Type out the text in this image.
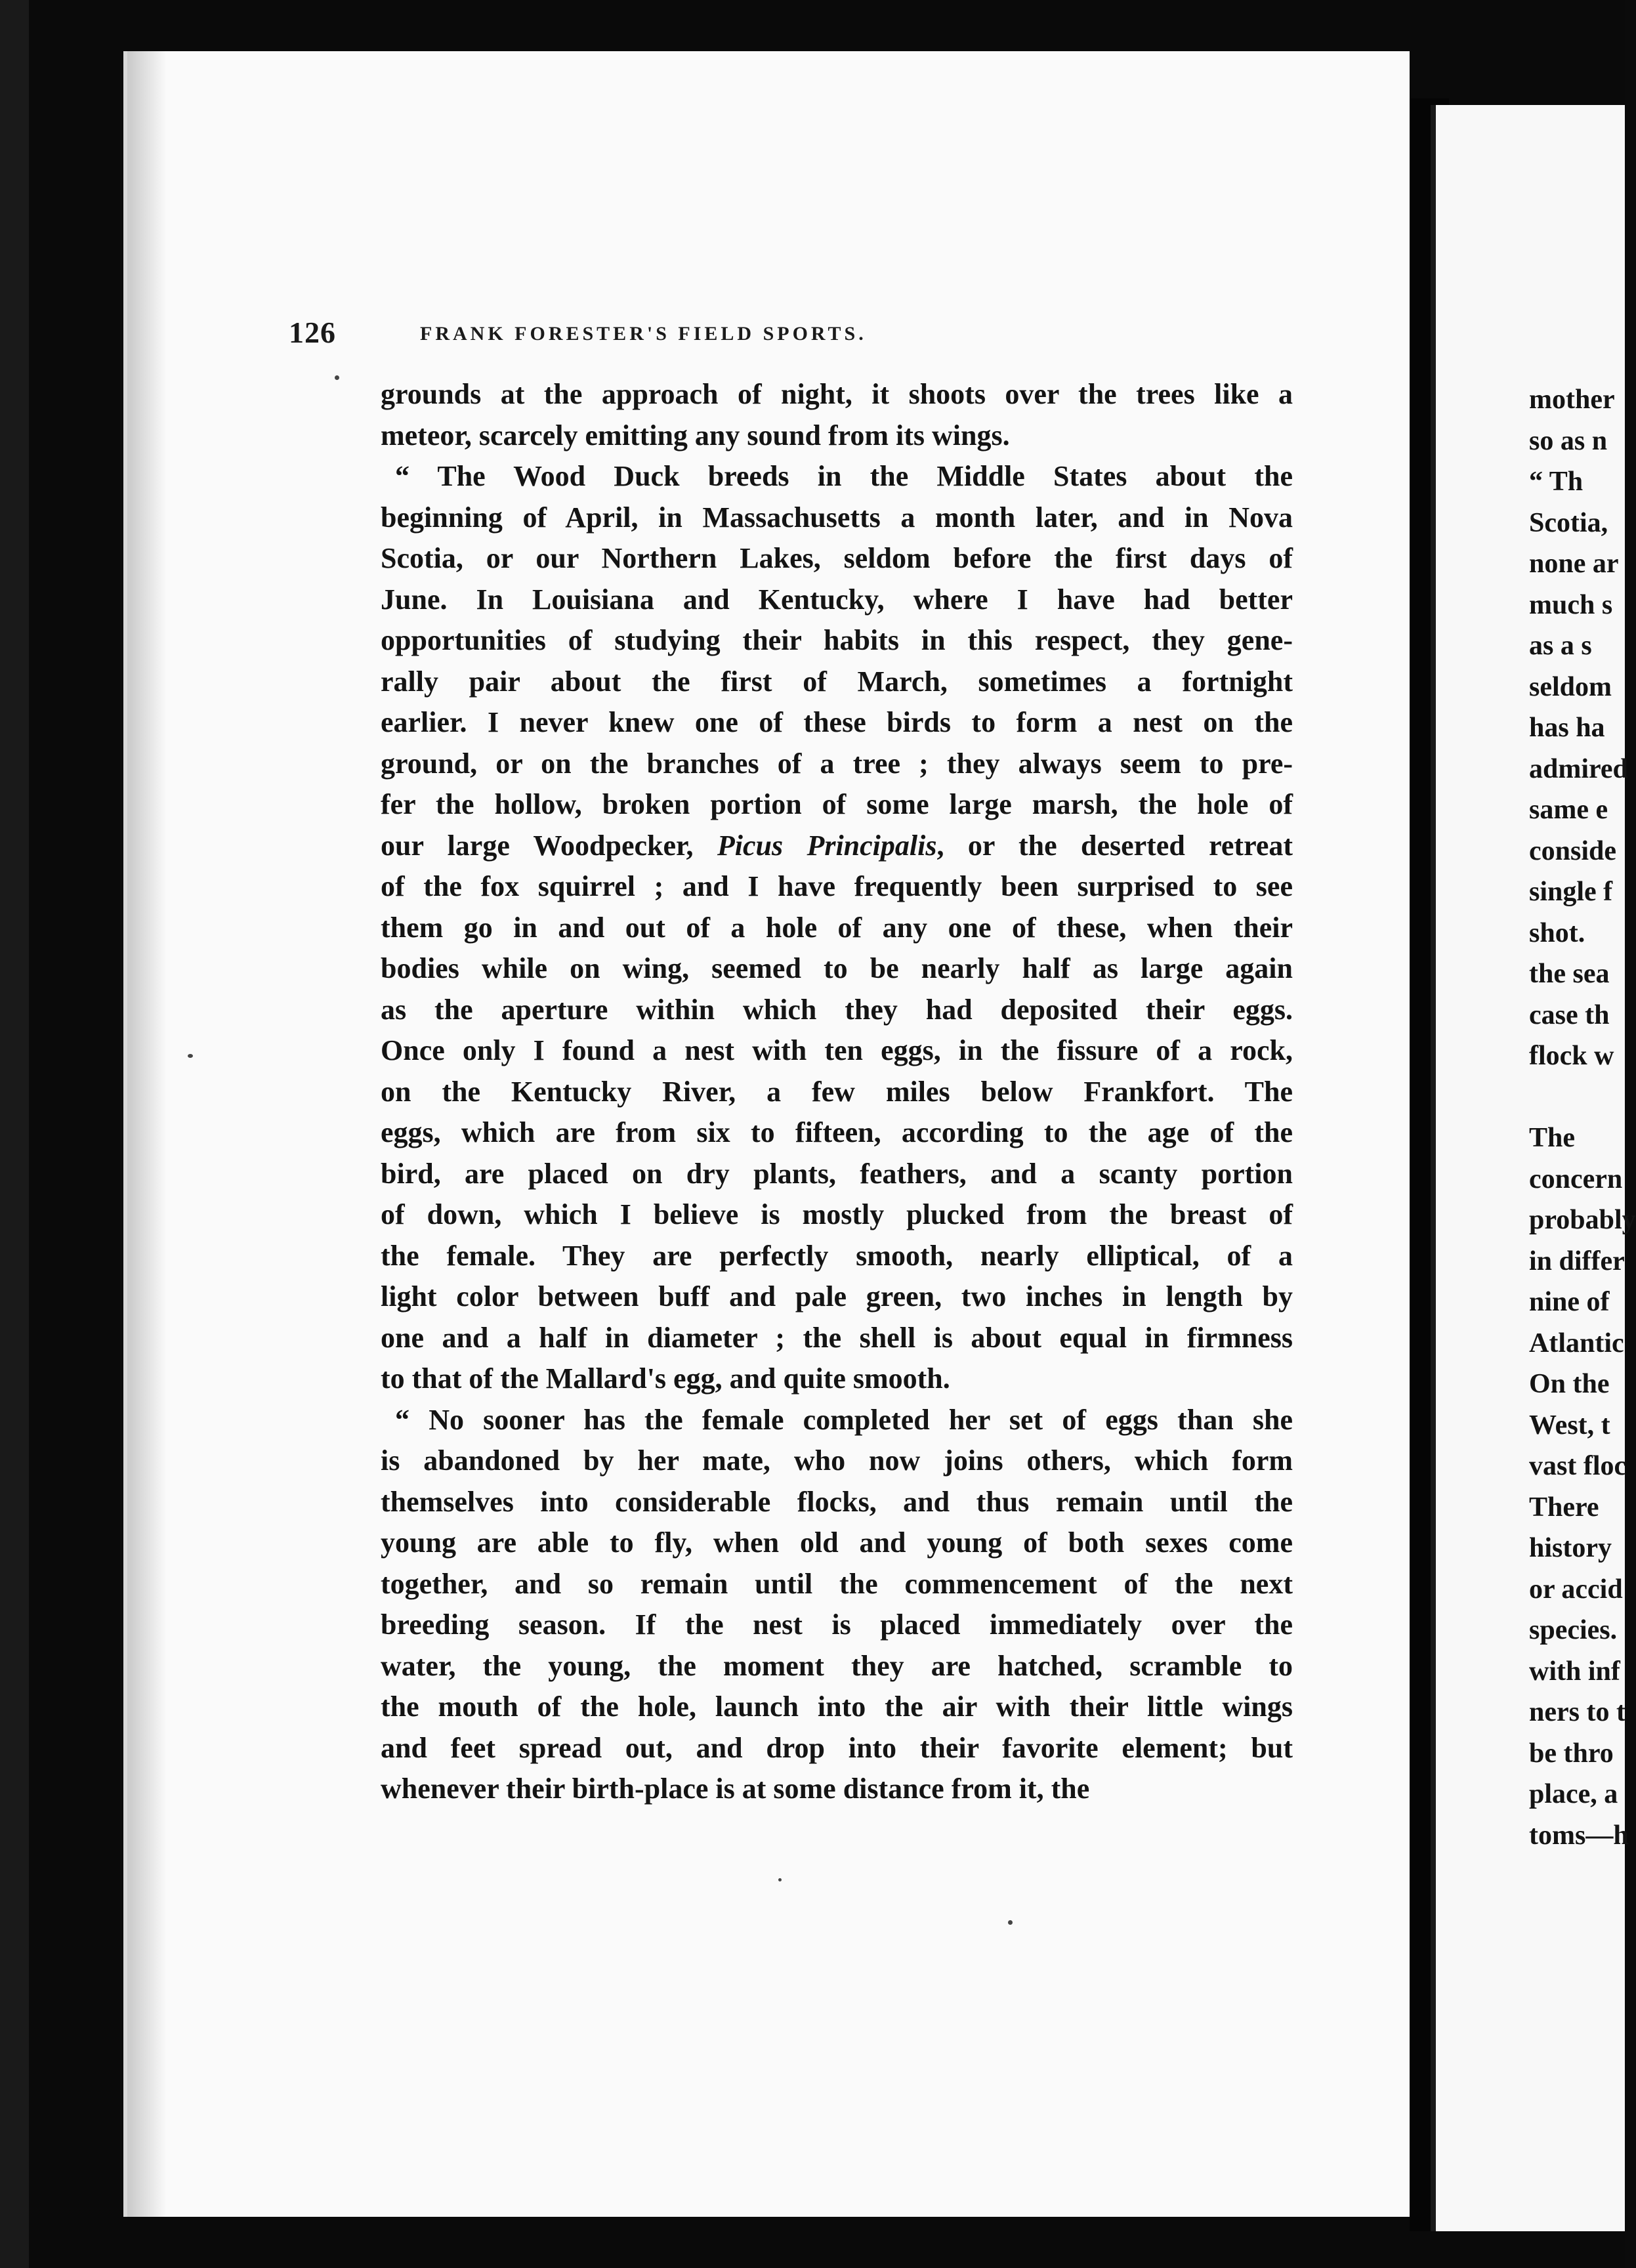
126	FRANK FORESTER'S FIELD SPORTS.
grounds at the approach of night, it shoots over the trees like a
meteor, scarcely emitting any sound from its wings.
“ The Wood Duck breeds in the Middle States about the
beginning of April, in Massachusetts a month later, and in Nova
Scotia, or our Northern Lakes, seldom before the first days of
June. In Louisiana and Kentucky, where I have had better
opportunities of studying their habits in this respect, they gene-
rally pair about the first of March, sometimes a fortnight
earlier. I never knew one of these birds to form a nest on the
ground, or on the branches of a tree ; they always seem to pre-
fer the hollow, broken portion of some large marsh, the hole of
our large Woodpecker, Picus Principalis, or the deserted retreat
of the fox squirrel ; and I have frequently been surprised to see
them go in and out of a hole of any one of these, when their
bodies while on wing, seemed to be nearly half as large again
as the aperture within which they had deposited their eggs.
Once only I found a nest with ten eggs, in the fissure of a rock,
on the Kentucky River, a few miles below Frankfort. The
eggs, which are from six to fifteen, according to the age of the
bird, are placed on dry plants, feathers, and a scanty portion
of down, which I believe is mostly plucked from the breast of
the female. They are perfectly smooth, nearly elliptical, of a
light color between buff and pale green, two inches in length by
one and a half in diameter ; the shell is about equal in firmness
to that of the Mallard's egg, and quite smooth.
“ No sooner has the female completed her set of eggs than she
is abandoned by her mate, who now joins others, which form
themselves into considerable flocks, and thus remain until the
young are able to fly, when old and young of both sexes come
together, and so remain until the commencement of the next
breeding season. If the nest is placed immediately over the
water, the young, the moment they are hatched, scramble to
the mouth of the hole, launch into the air with their little wings
and feet spread out, and drop into their favorite element; but
whenever their birth-place is at some distance from it, the
mother
so as n
“ Th
Scotia,
none ar
much s
as a s
seldom
has ha
admired
same e
conside
single f
shot.
the sea
case th
flock w
The
concern
probably
in differ
nine of
Atlantic
On the
West, t
vast floc
There
history
or accid
species.
with inf
ners to t
be thro
place, a
toms—h
